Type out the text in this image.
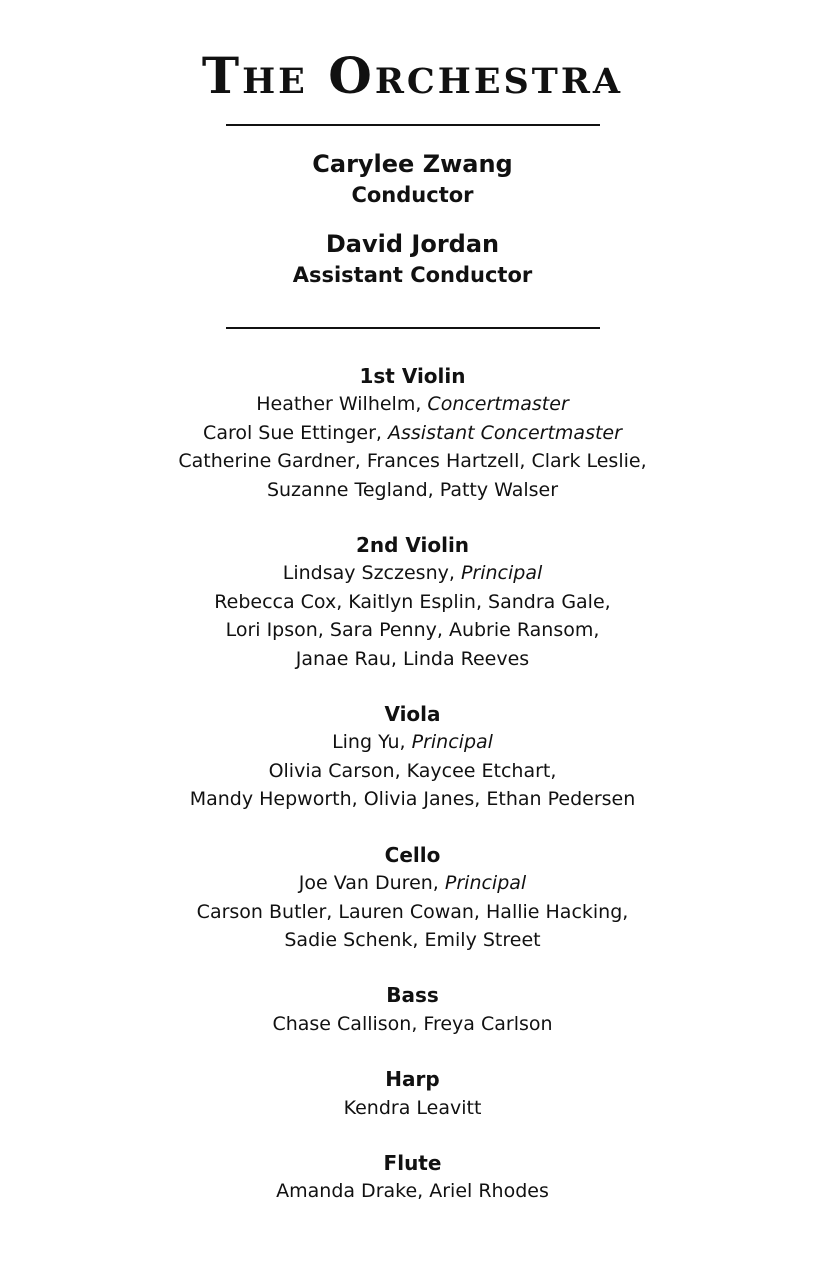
The Orchestra
Carylee Zwang
Conductor
David Jordan
Assistant Conductor
1st Violin
Heather Wilhelm, Concertmaster
Carol Sue Ettinger, Assistant Concertmaster
Catherine Gardner, Frances Hartzell, Clark Leslie,
Suzanne Tegland, Patty Walser
2nd Violin
Lindsay Szczesny, Principal
Rebecca Cox, Kaitlyn Esplin, Sandra Gale,
Lori Ipson, Sara Penny, Aubrie Ransom,
Janae Rau, Linda Reeves
Viola
Ling Yu, Principal
Olivia Carson, Kaycee Etchart,
Mandy Hepworth, Olivia Janes, Ethan Pedersen
Cello
Joe Van Duren, Principal
Carson Butler, Lauren Cowan, Hallie Hacking,
Sadie Schenk, Emily Street
Bass
Chase Callison, Freya Carlson
Harp
Kendra Leavitt
Flute
Amanda Drake, Ariel Rhodes
